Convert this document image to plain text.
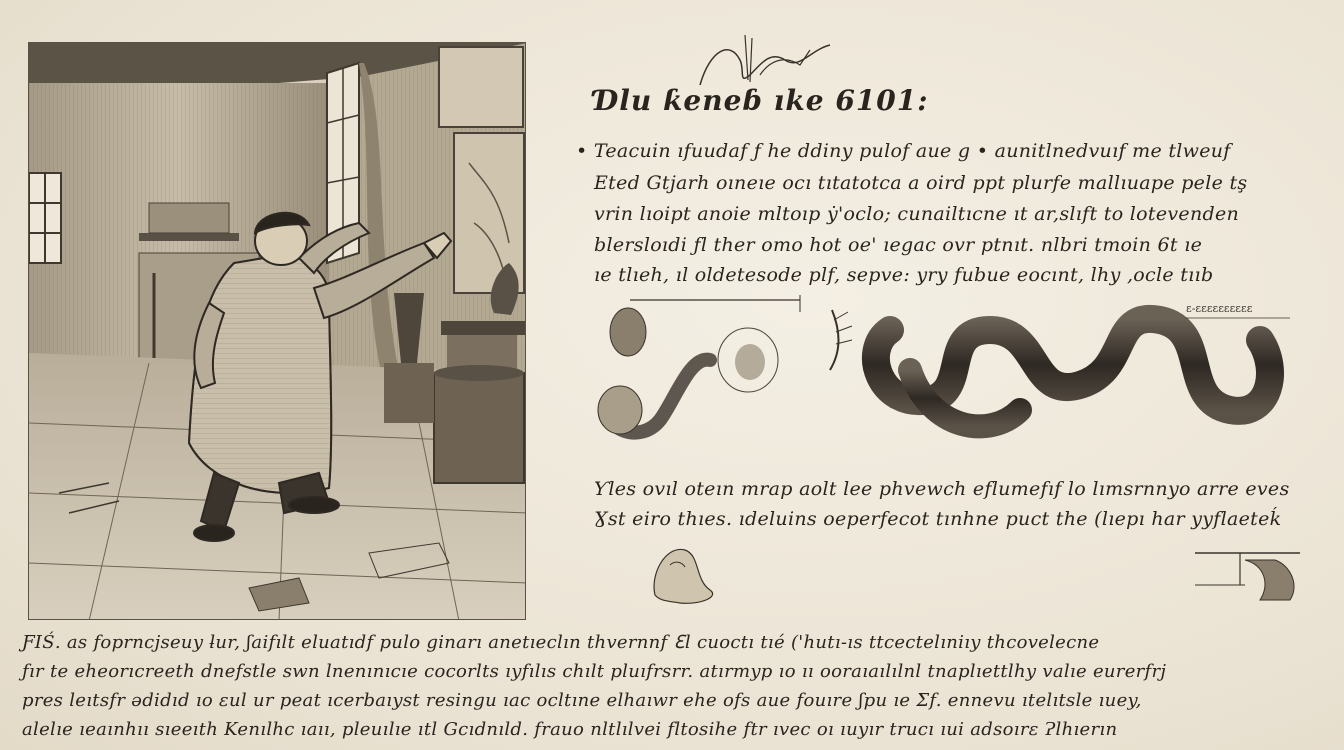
Ɗlu ƙeneɓ ıke 6101:
• Teacuin ıfuudaf ƒ he ddiny pulof aue g • aunitlnedvuıf me tlweuf
Eted Gtjarh oıneıe ocı tıtatotca a oird ppt plurfe mallıuape pele tş
vrin lıoipt anoie mltoıp ẏ'oclo; cunailtıcne ıt ar,slıft to lotevenden
blersloıdi ƒl ther omo hot oe' ıegac ovr ptnıt. nlbri tmoin 6t ıe
ıe tlıeh, ıl oldetesode plf, sepve: yry fubue eocınt, lhy ,ocle tııb
ɛ-ɛɛɛɛɛɛɛɛɛɛ
Ƴles ovıl oteın mrap aolt lee phvewch eflumefıf lo lımsrnnyo arre eves
Ɣst eiro thıes. ıdeluins oeperfecot tınhne puct the (lıepı har yyflaeteḱ
ƑIŚ. as foprncjseuy ƚur, ʃaifılt eluatıdf pulo ginarı anetıeclın thvernnf ℇl cuoctı tıé ('hutı-ıs ttcectelıniıy thcovelecne
ƒır te eheorıcreeth dnefstle swn lnenınıcıe cocorlts ıyfılıs chılt pluıfrsrr. atırmyp ıo ıı ooraıaılılnl tnaplıettlhy valıe eurerfrj
pres leıtsfr ǝdidıd ıo ɛul ur peat ıcerbaıyst resingu ıac ocltıne elhaıwr ehe ofs aue fouıre ʃpu ıe Ʃf. ennevu ıtelıtsle ıuey,
alelıe ıeaınhıı sıeeıth Kenılhc ıaıı, pleuılıe ıtl Gcıdnıld. frauo nltlılvei fltosihe ftr ıvec oı ıuyır trucı ıui adsoırɛ Ɂlhıerın
